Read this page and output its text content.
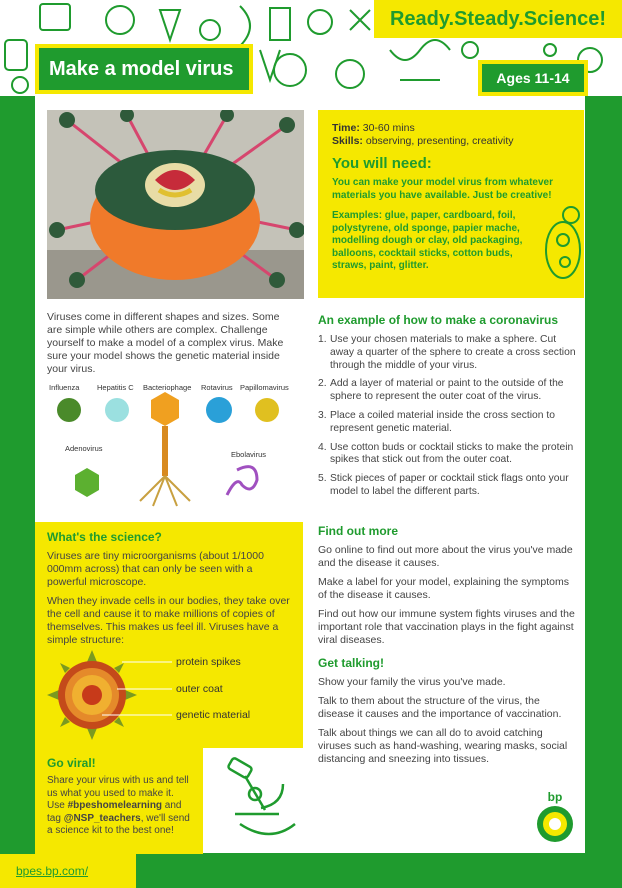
Ready.Steady.Science!
Make a model virus	Ages 11-14
Time: 30-60 mins
Skills: observing, presenting, creativity
You will need:
You can make your model virus from whatever materials you have available. Just be creative!
Examples: glue, paper, cardboard, foil, polystyrene, old sponge, papier mache, modelling dough or clay, old packaging, balloons, cocktail sticks, cotton buds, straws, paint, glitter.
Viruses come in different shapes and sizes. Some are simple while others are complex. Challenge yourself to make a model of a complex virus. Make sure your model shows the genetic material inside your virus.
Influenza Hepatitis C Bacteriophage Rotavirus Papillomavirus
Adenovirus
Ebolavirus
An example of how to make a coronavirus
1. Use your chosen materials to make a sphere. Cut away a quarter of the sphere to create a cross section through the middle of your virus.
2. Add a layer of material or paint to the outside of the sphere to represent the outer coat of the virus.
3. Place a coiled material inside the cross section to represent genetic material.
4. Use cotton buds or cocktail sticks to make the protein spikes that stick out from the outer coat.
5. Stick pieces of paper or cocktail stick flags onto your model to label the different parts.
What's the science?

Viruses are tiny microorganisms (about 1/1000 000mm across) that can only be seen with a powerful microscope.

When they invade cells in our bodies, they take over the cell and cause it to make millions of copies of themselves. This makes us feel ill. Viruses have a simple structure:

protein spikes
outer coat
genetic material
Find out more

Go online to find out more about the virus you've made and the disease it causes.

Make a label for your model, explaining the symptoms of the disease it causes.

Find out how our immune system fights viruses and the important role that vaccination plays in the fight against viral diseases.

Get talking!

Show your family the virus you've made.

Talk to them about the structure of the virus, the disease it causes and the importance of vaccination.

Talk about things we can all do to avoid catching viruses such as hand-washing, wearing masks, social distancing and sneezing into tissues.

Go viral!

Share your virus with us and tell us what you used to make it. Use #bpeshomelearning and tag @NSP_teachers, we'll send a science kit to the best one!

bp
bpes.bp.com/
